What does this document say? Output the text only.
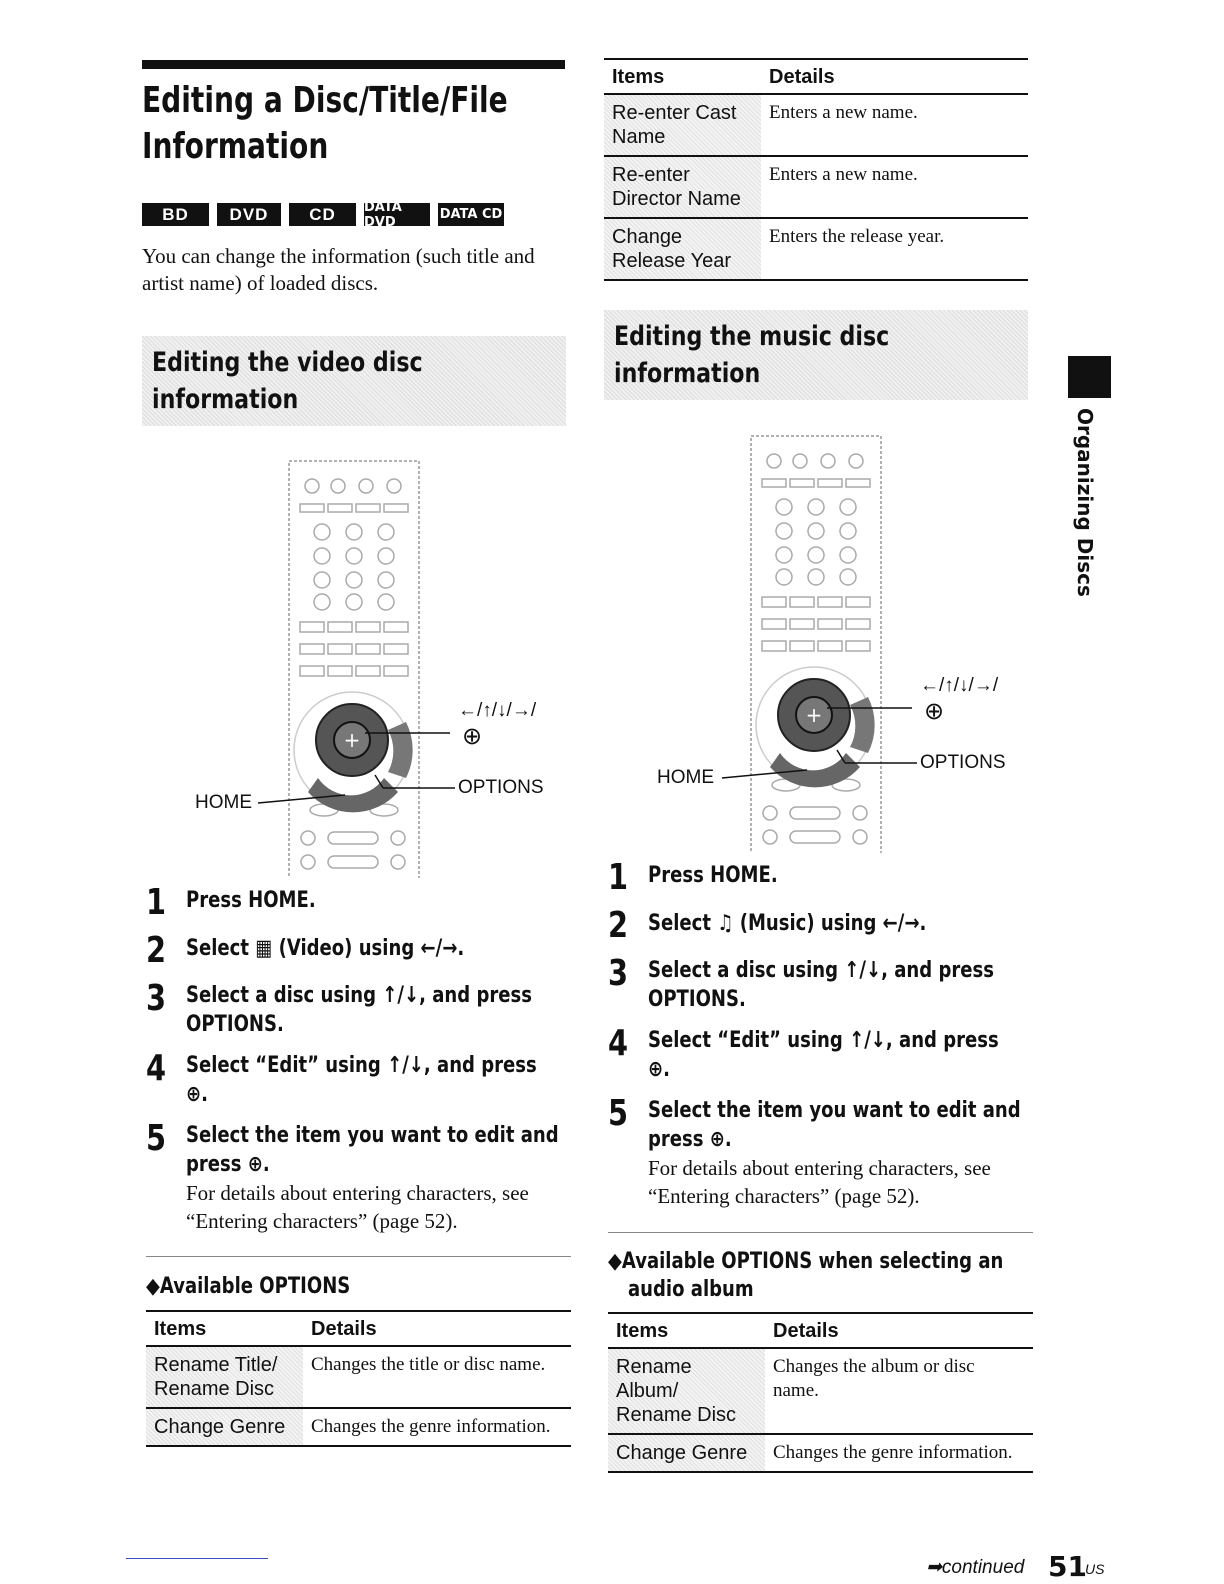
Editing a Disc/Title/File
Information
BD	DVD	CD	DATA DVD	DATA CD
You can change the information (such title and artist name) of loaded discs.
Editing the video disc
information
+
←/↑/↓/→/
⊕
OPTIONS
HOME
1 Press HOME.
2 Select ▦ (Video) using ←/→.
3 Select a disc using ↑/↓, and press OPTIONS.
4 Select “Edit” using ↑/↓, and press ⊕.
5 Select the item you want to edit and press ⊕.
For details about entering characters, see “Entering characters” (page 52).
◆Available OPTIONS
Items	Details
Rename Title/ Rename Disc	Changes the title or disc name.
Change Genre	Changes the genre information.
Items	Details
Re-enter Cast Name	Enters a new name.
Re-enter Director Name	Enters a new name.
Change Release Year	Enters the release year.
Editing the music disc
information
+
←/↑/↓/→/
⊕
OPTIONS
HOME
1 Press HOME.
2 Select ♫ (Music) using ←/→.
3 Select a disc using ↑/↓, and press OPTIONS.
4 Select “Edit” using ↑/↓, and press ⊕.
5 Select the item you want to edit and press ⊕.
For details about entering characters, see “Entering characters” (page 52).
◆Available OPTIONS when selecting an
audio album
Items	Details
Rename Album/ Rename Disc	Changes the album or disc name.
Change Genre	Changes the genre information.
Organizing Discs
➡continued 51
US
